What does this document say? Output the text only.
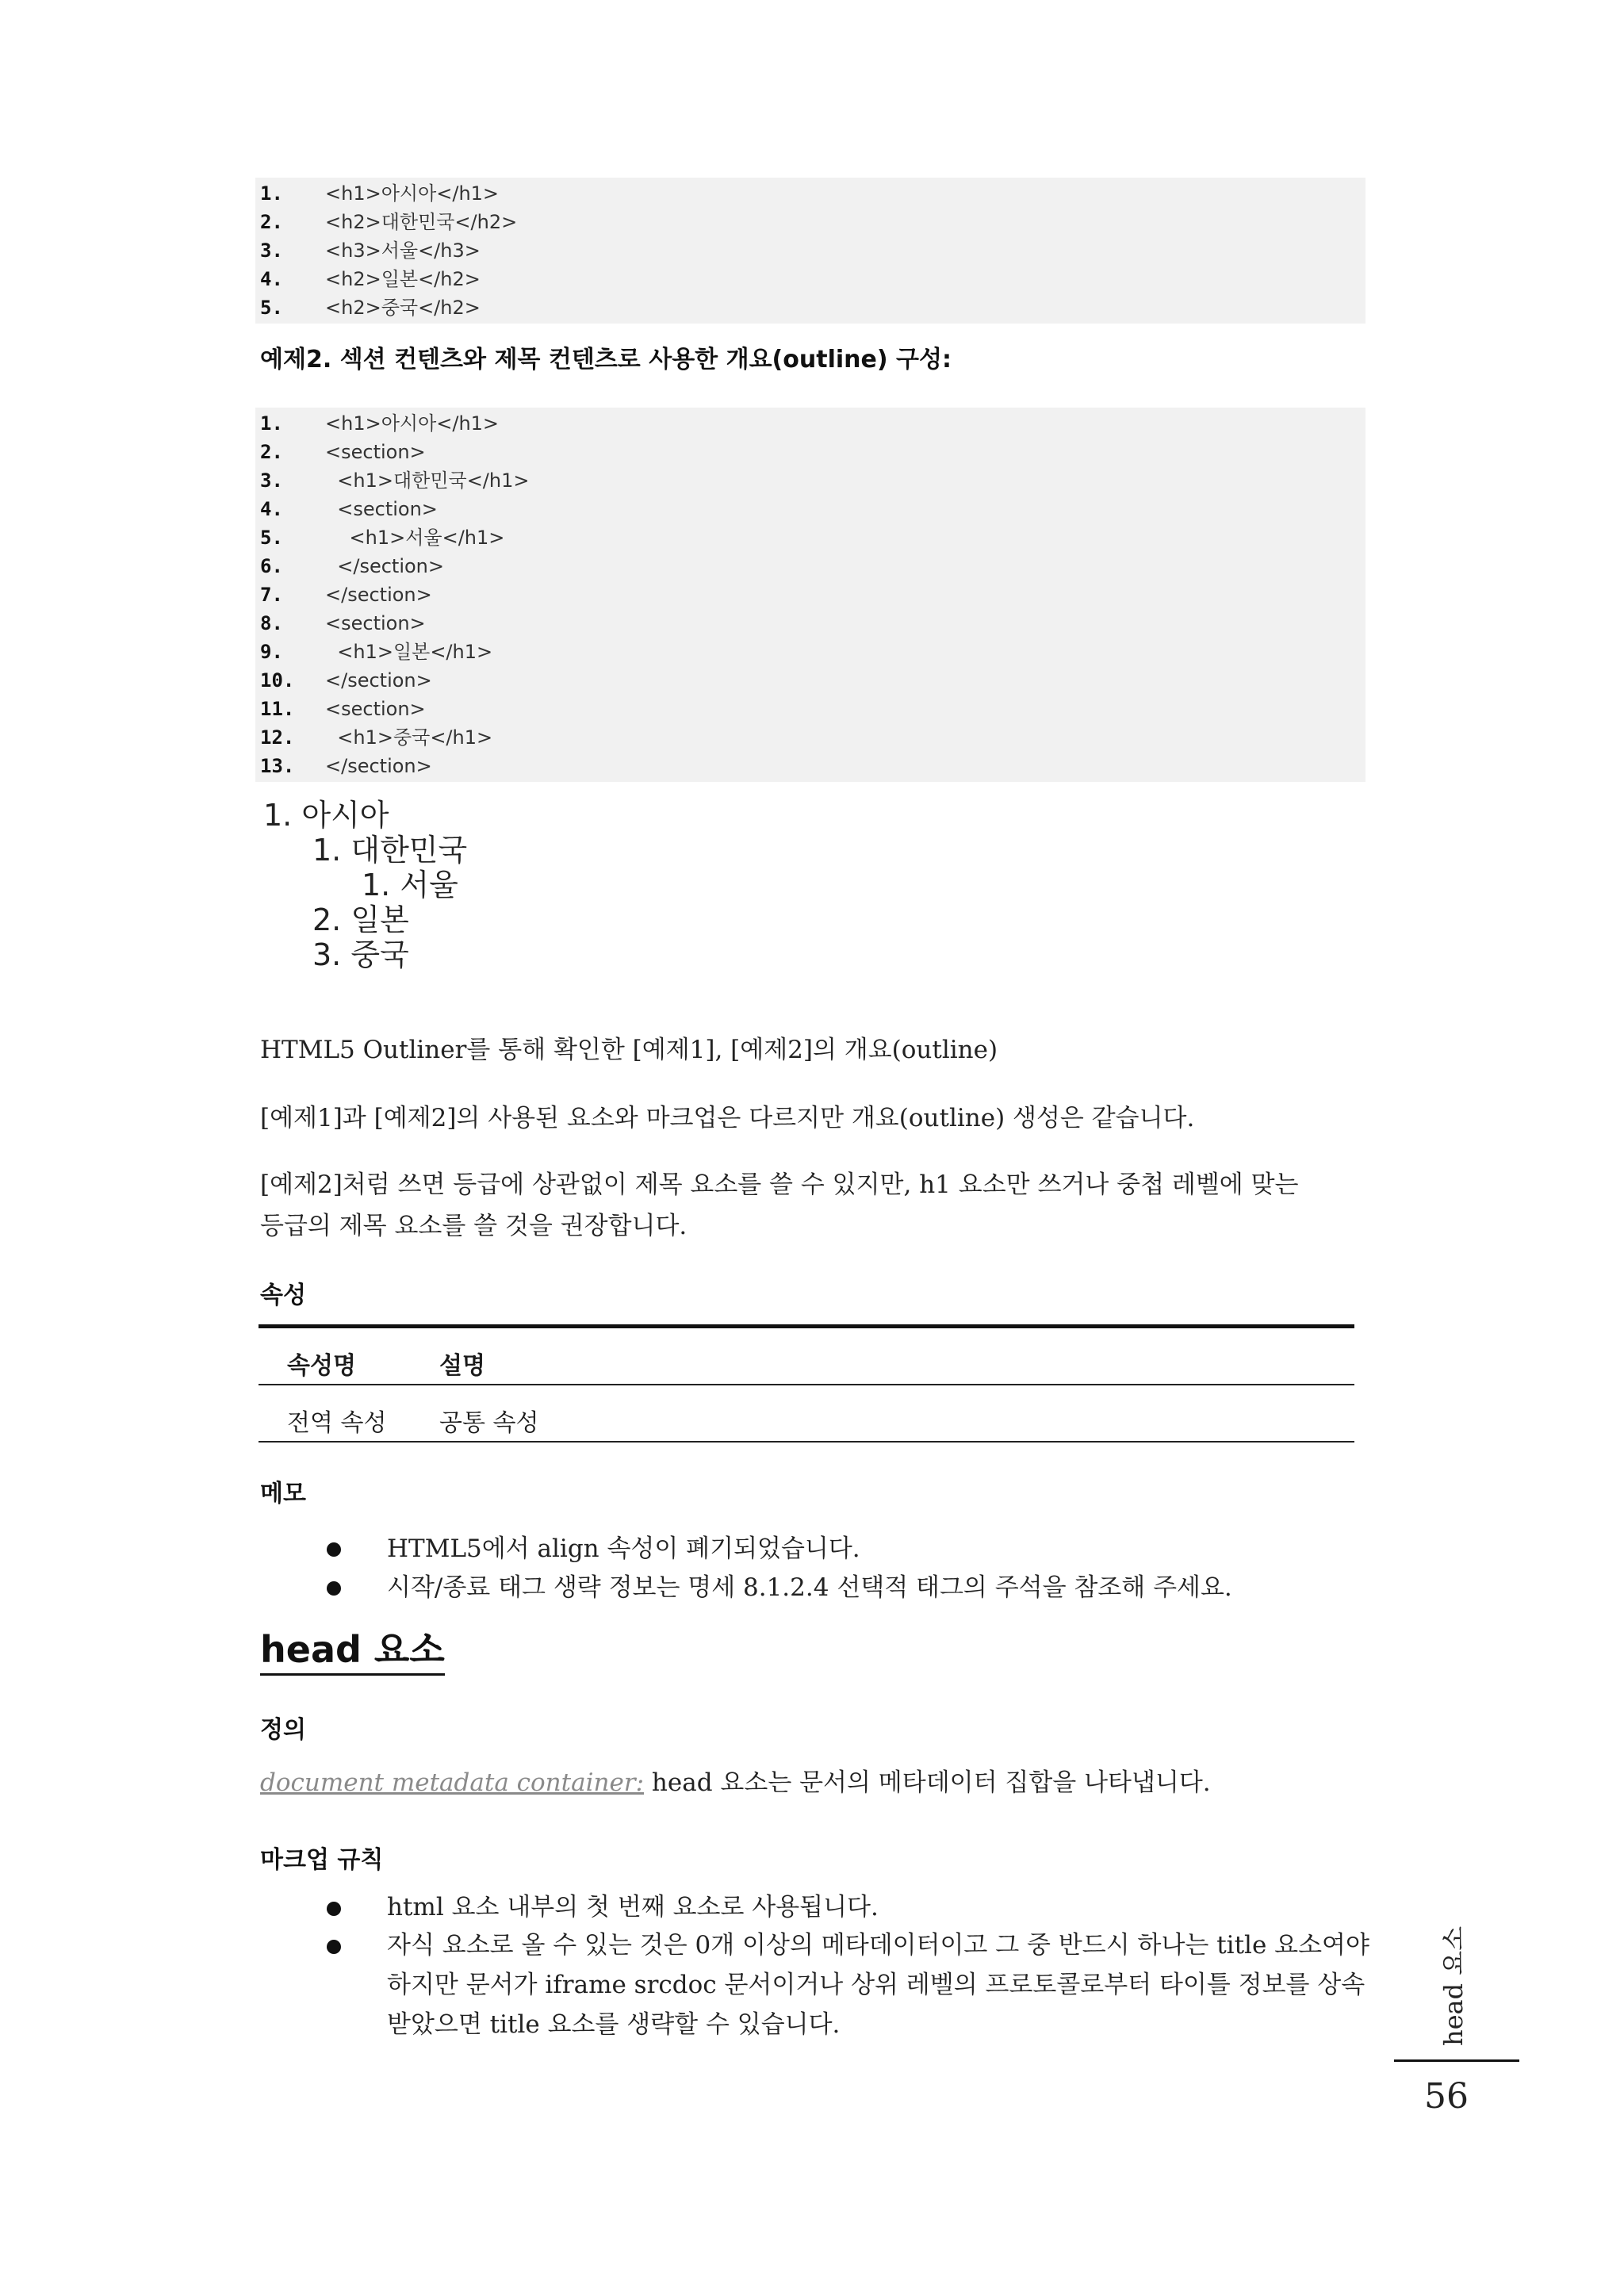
1. <h1>아시아</h1>
2. <h2>대한민국</h2>
3. <h3>서울</h3>
4. <h2>일본</h2>
5. <h2>중국</h2>
예제2. 섹션 컨텐츠와 제목 컨텐츠로 사용한 개요(outline) 구성:
1. <h1>아시아</h1>
2. <section>
3. <h1>대한민국</h1>
4. <section>
5. <h1>서울</h1>
6. </section>
7. </section>
8. <section>
9. <h1>일본</h1>
10. </section>
11. <section>
12. <h1>중국</h1>
13. </section>
1. 아시아
1. 대한민국
1. 서울
2. 일본
3. 중국
HTML5 Outliner를 통해 확인한 [예제1], [예제2]의 개요(outline)
[예제1]과 [예제2]의 사용된 요소와 마크업은 다르지만 개요(outline) 생성은 같습니다.
[예제2]처럼 쓰면 등급에 상관없이 제목 요소를 쓸 수 있지만, h1 요소만 쓰거나 중첩 레벨에 맞는
등급의 제목 요소를 쓸 것을 권장합니다.
속성
속성명	설명
전역 속성 공통 속성
메모
HTML5에서 align 속성이 폐기되었습니다.
시작/종료 태그 생략 정보는 명세 8.1.2.4 선택적 태그의 주석을 참조해 주세요.
head 요소
정의
document metadata container: head 요소는 문서의 메타데이터 집합을 나타냅니다.
마크업 규칙
html 요소 내부의 첫 번째 요소로 사용됩니다.
자식 요소로 올 수 있는 것은 0개 이상의 메타데이터이고 그 중 반드시 하나는 title 요소여야 하지만 문서가 iframe srcdoc 문서이거나 상위 레벨의 프로토콜로부터 타이틀 정보를 상속받았으면 title 요소를 생략할 수 있습니다.	head 요소
56
